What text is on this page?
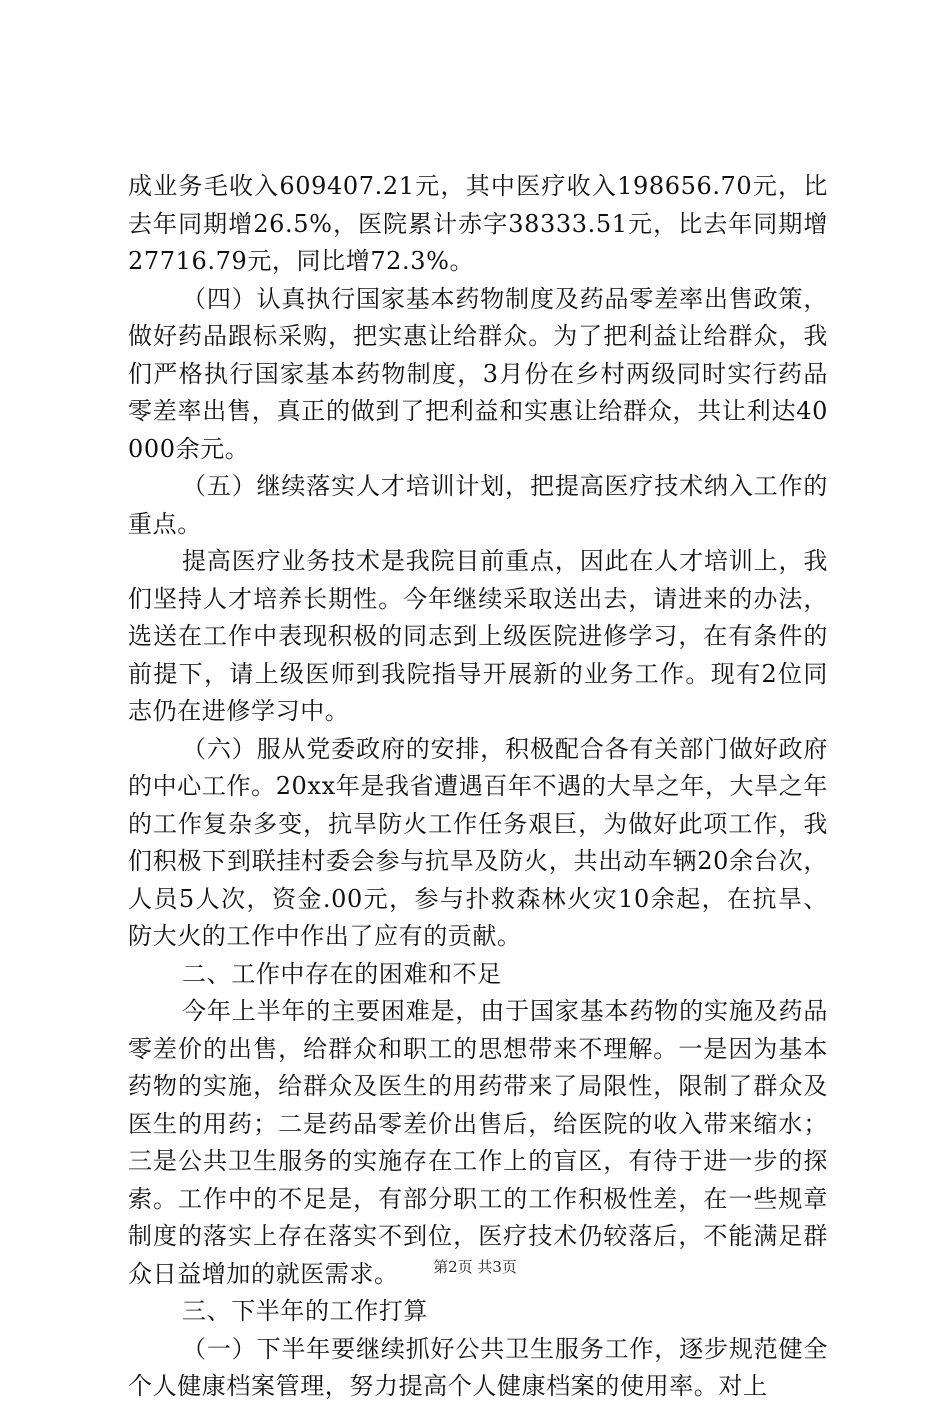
成业务毛收入609407.21元，其中医疗收入198656.70元，比去年同期增26.5%，医院累计赤字38333.51元，比去年同期增27716.79元，同比增72.3%。

（四）认真执行国家基本药物制度及药品零差率出售政策，做好药品跟标采购，把实惠让给群众。为了把利益让给群众，我们严格执行国家基本药物制度，3月份在乡村两级同时实行药品零差率出售，真正的做到了把利益和实惠让给群众，共让利达40000余元。

（五）继续落实人才培训计划，把提高医疗技术纳入工作的重点。

提高医疗业务技术是我院目前重点，因此在人才培训上，我们坚持人才培养长期性。今年继续采取送出去，请进来的办法，选送在工作中表现积极的同志到上级医院进修学习，在有条件的前提下，请上级医师到我院指导开展新的业务工作。现有2位同志仍在进修学习中。

（六）服从党委政府的安排，积极配合各有关部门做好政府的中心工作。20xx年是我省遭遇百年不遇的大旱之年，大旱之年的工作复杂多变，抗旱防火工作任务艰巨，为做好此项工作，我们积极下到联挂村委会参与抗旱及防火，共出动车辆20余台次，人员5人次，资金.00元，参与扑救森林火灾10余起，在抗旱、防大火的工作中作出了应有的贡献。

二、工作中存在的困难和不足

今年上半年的主要困难是，由于国家基本药物的实施及药品零差价的出售，给群众和职工的思想带来不理解。一是因为基本药物的实施，给群众及医生的用药带来了局限性，限制了群众及医生的用药；二是药品零差价出售后，给医院的收入带来缩水；三是公共卫生服务的实施存在工作上的盲区，有待于进一步的探索。工作中的不足是，有部分职工的工作积极性差，在一些规章制度的落实上存在落实不到位，医疗技术仍较落后，不能满足群众日益增加的就医需求。

三、下半年的工作打算

（一）下半年要继续抓好公共卫生服务工作，逐步规范健全个人健康档案管理，努力提高个人健康档案的使用率。对上

第2页 共3页
